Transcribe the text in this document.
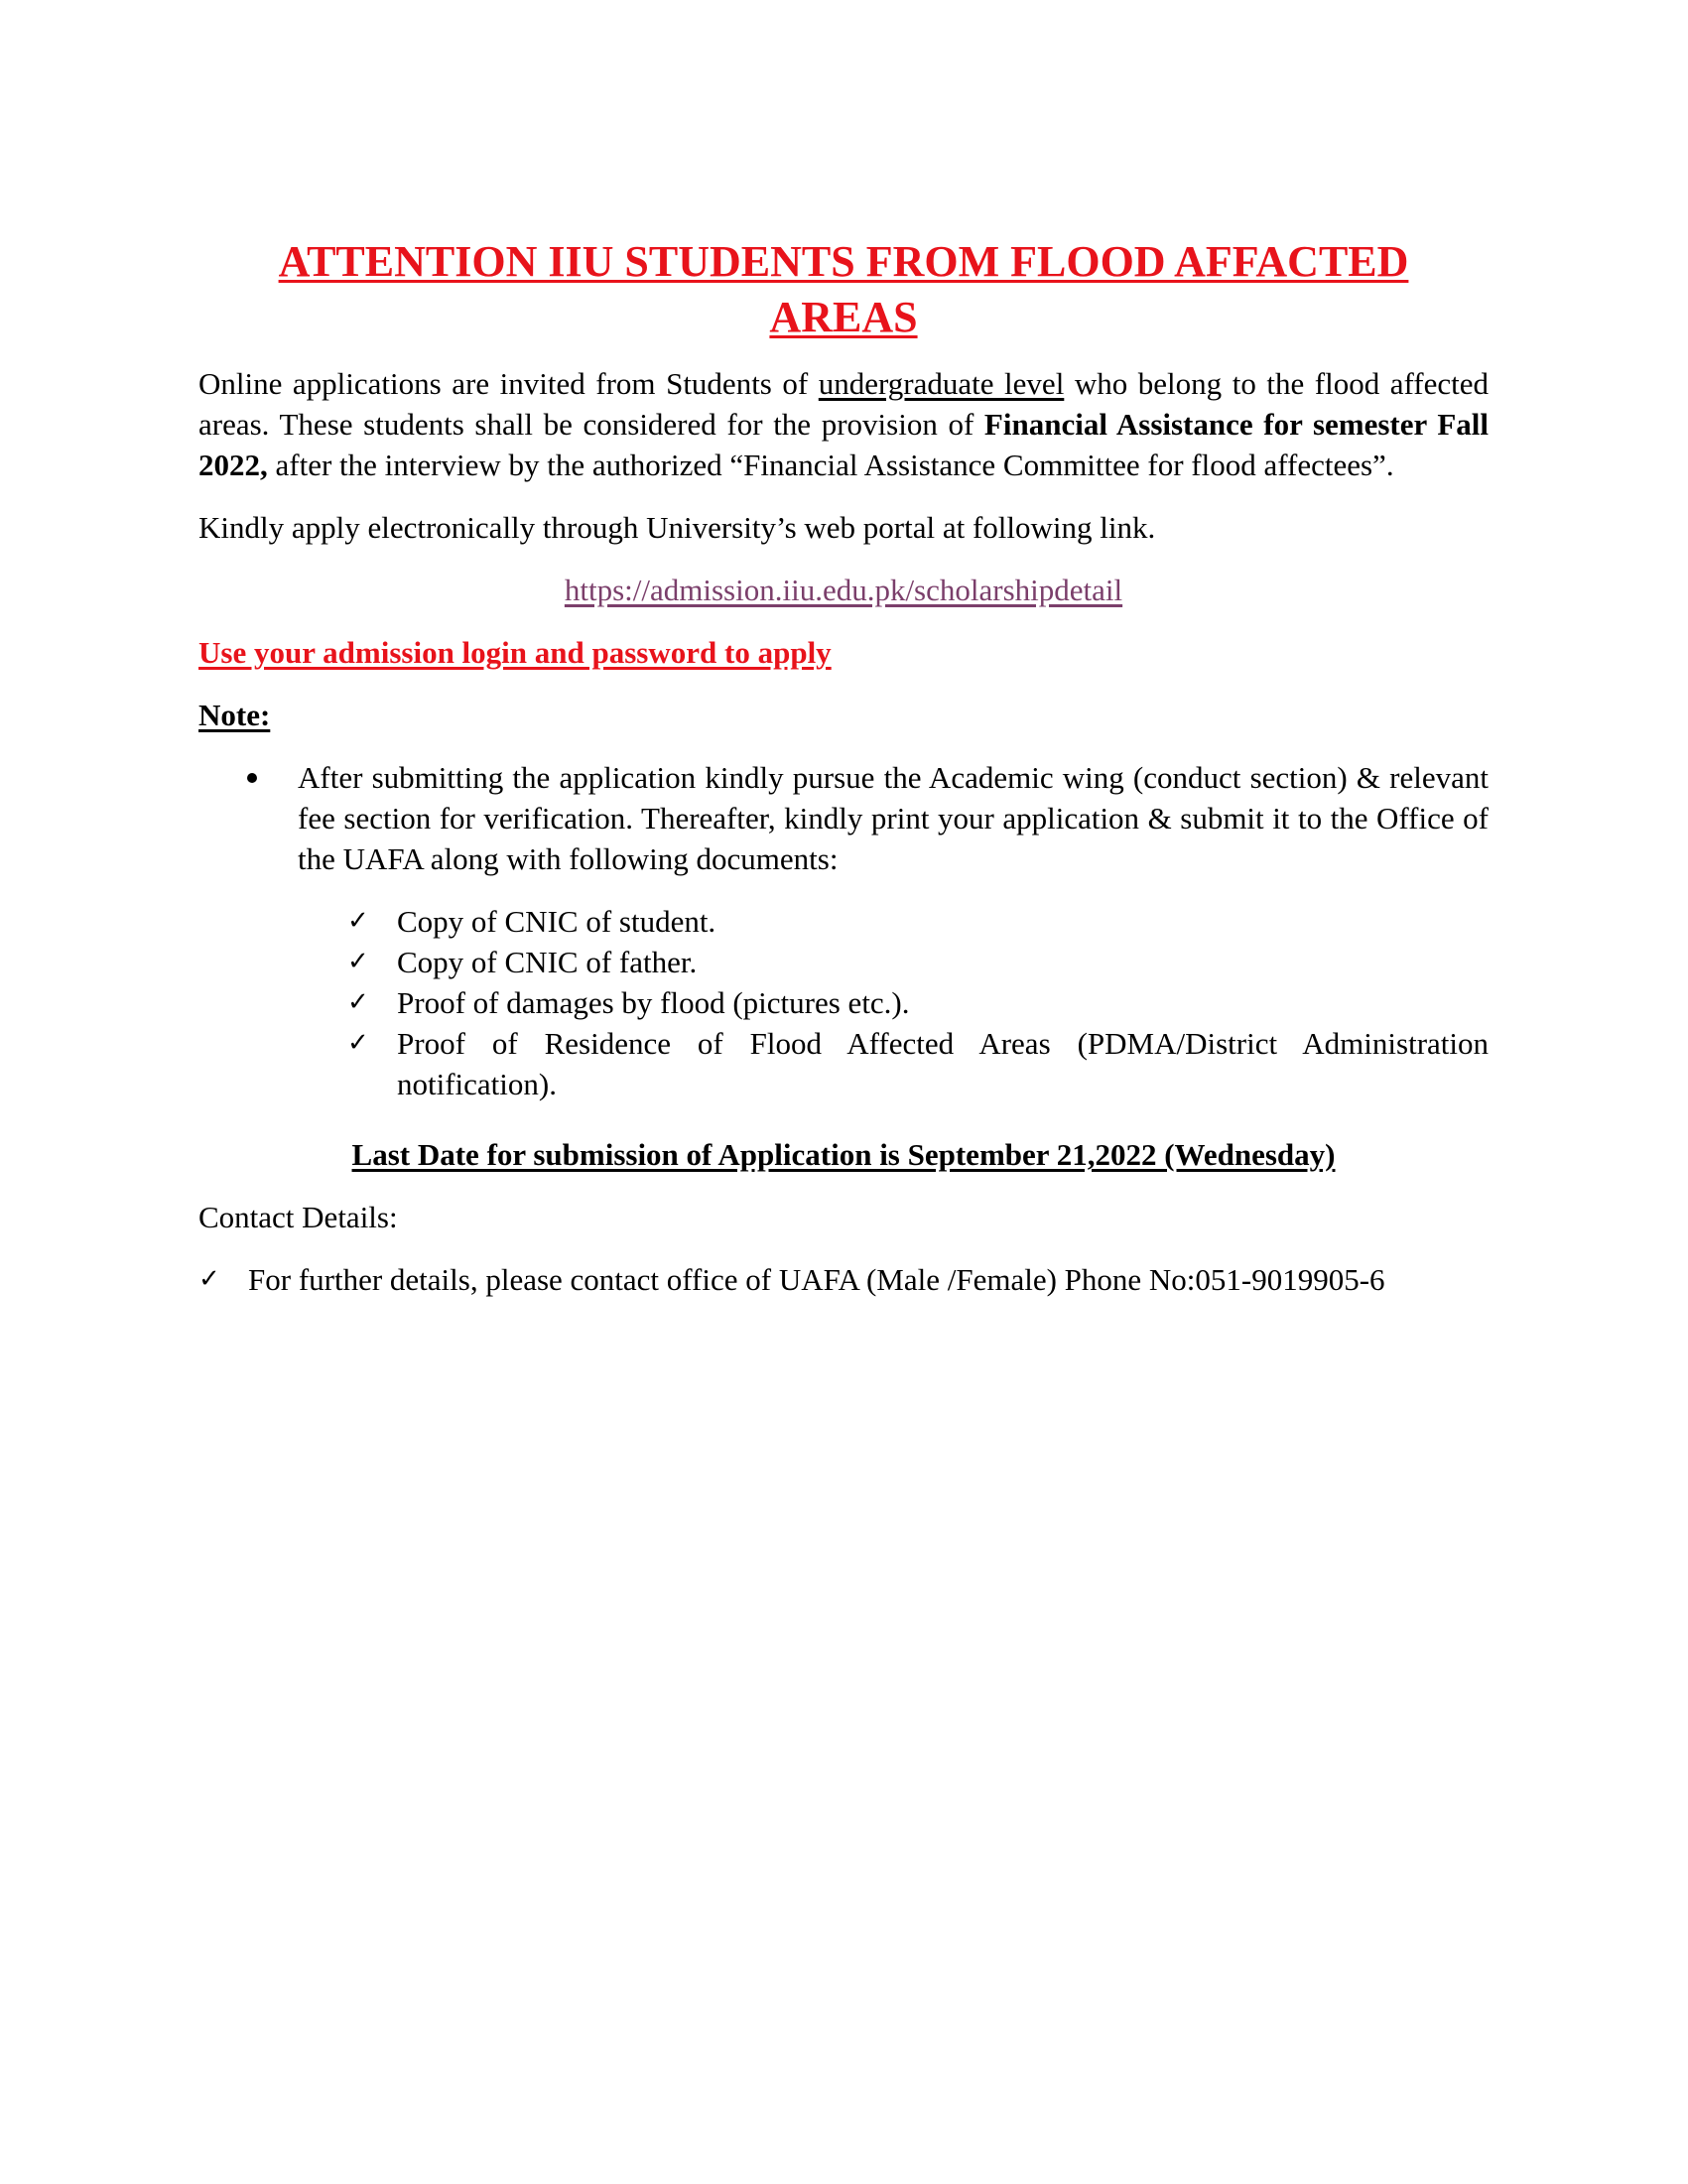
ATTENTION IIU STUDENTS FROM FLOOD AFFACTED
AREAS

Online applications are invited from Students of undergraduate level who belong to the flood affected areas. These students shall be considered for the provision of Financial Assistance for semester Fall 2022, after the interview by the authorized “Financial Assistance Committee for flood affectees”.

Kindly apply electronically through University’s web portal at following link.

https://admission.iiu.edu.pk/scholarshipdetail

Use your admission login and password to apply

Note:

After submitting the application kindly pursue the Academic wing (conduct section) & relevant fee section for verification. Thereafter, kindly print your application & submit it to the Office of the UAFA along with following documents:

✓ Copy of CNIC of student.
✓ Copy of CNIC of father.
✓ Proof of damages by flood (pictures etc.).
✓ Proof of Residence of Flood Affected Areas (PDMA/District Administration notification).

Last Date for submission of Application is September 21,2022 (Wednesday)

Contact Details:

✓ For further details, please contact office of UAFA (Male /Female) Phone No:051-9019905-6
